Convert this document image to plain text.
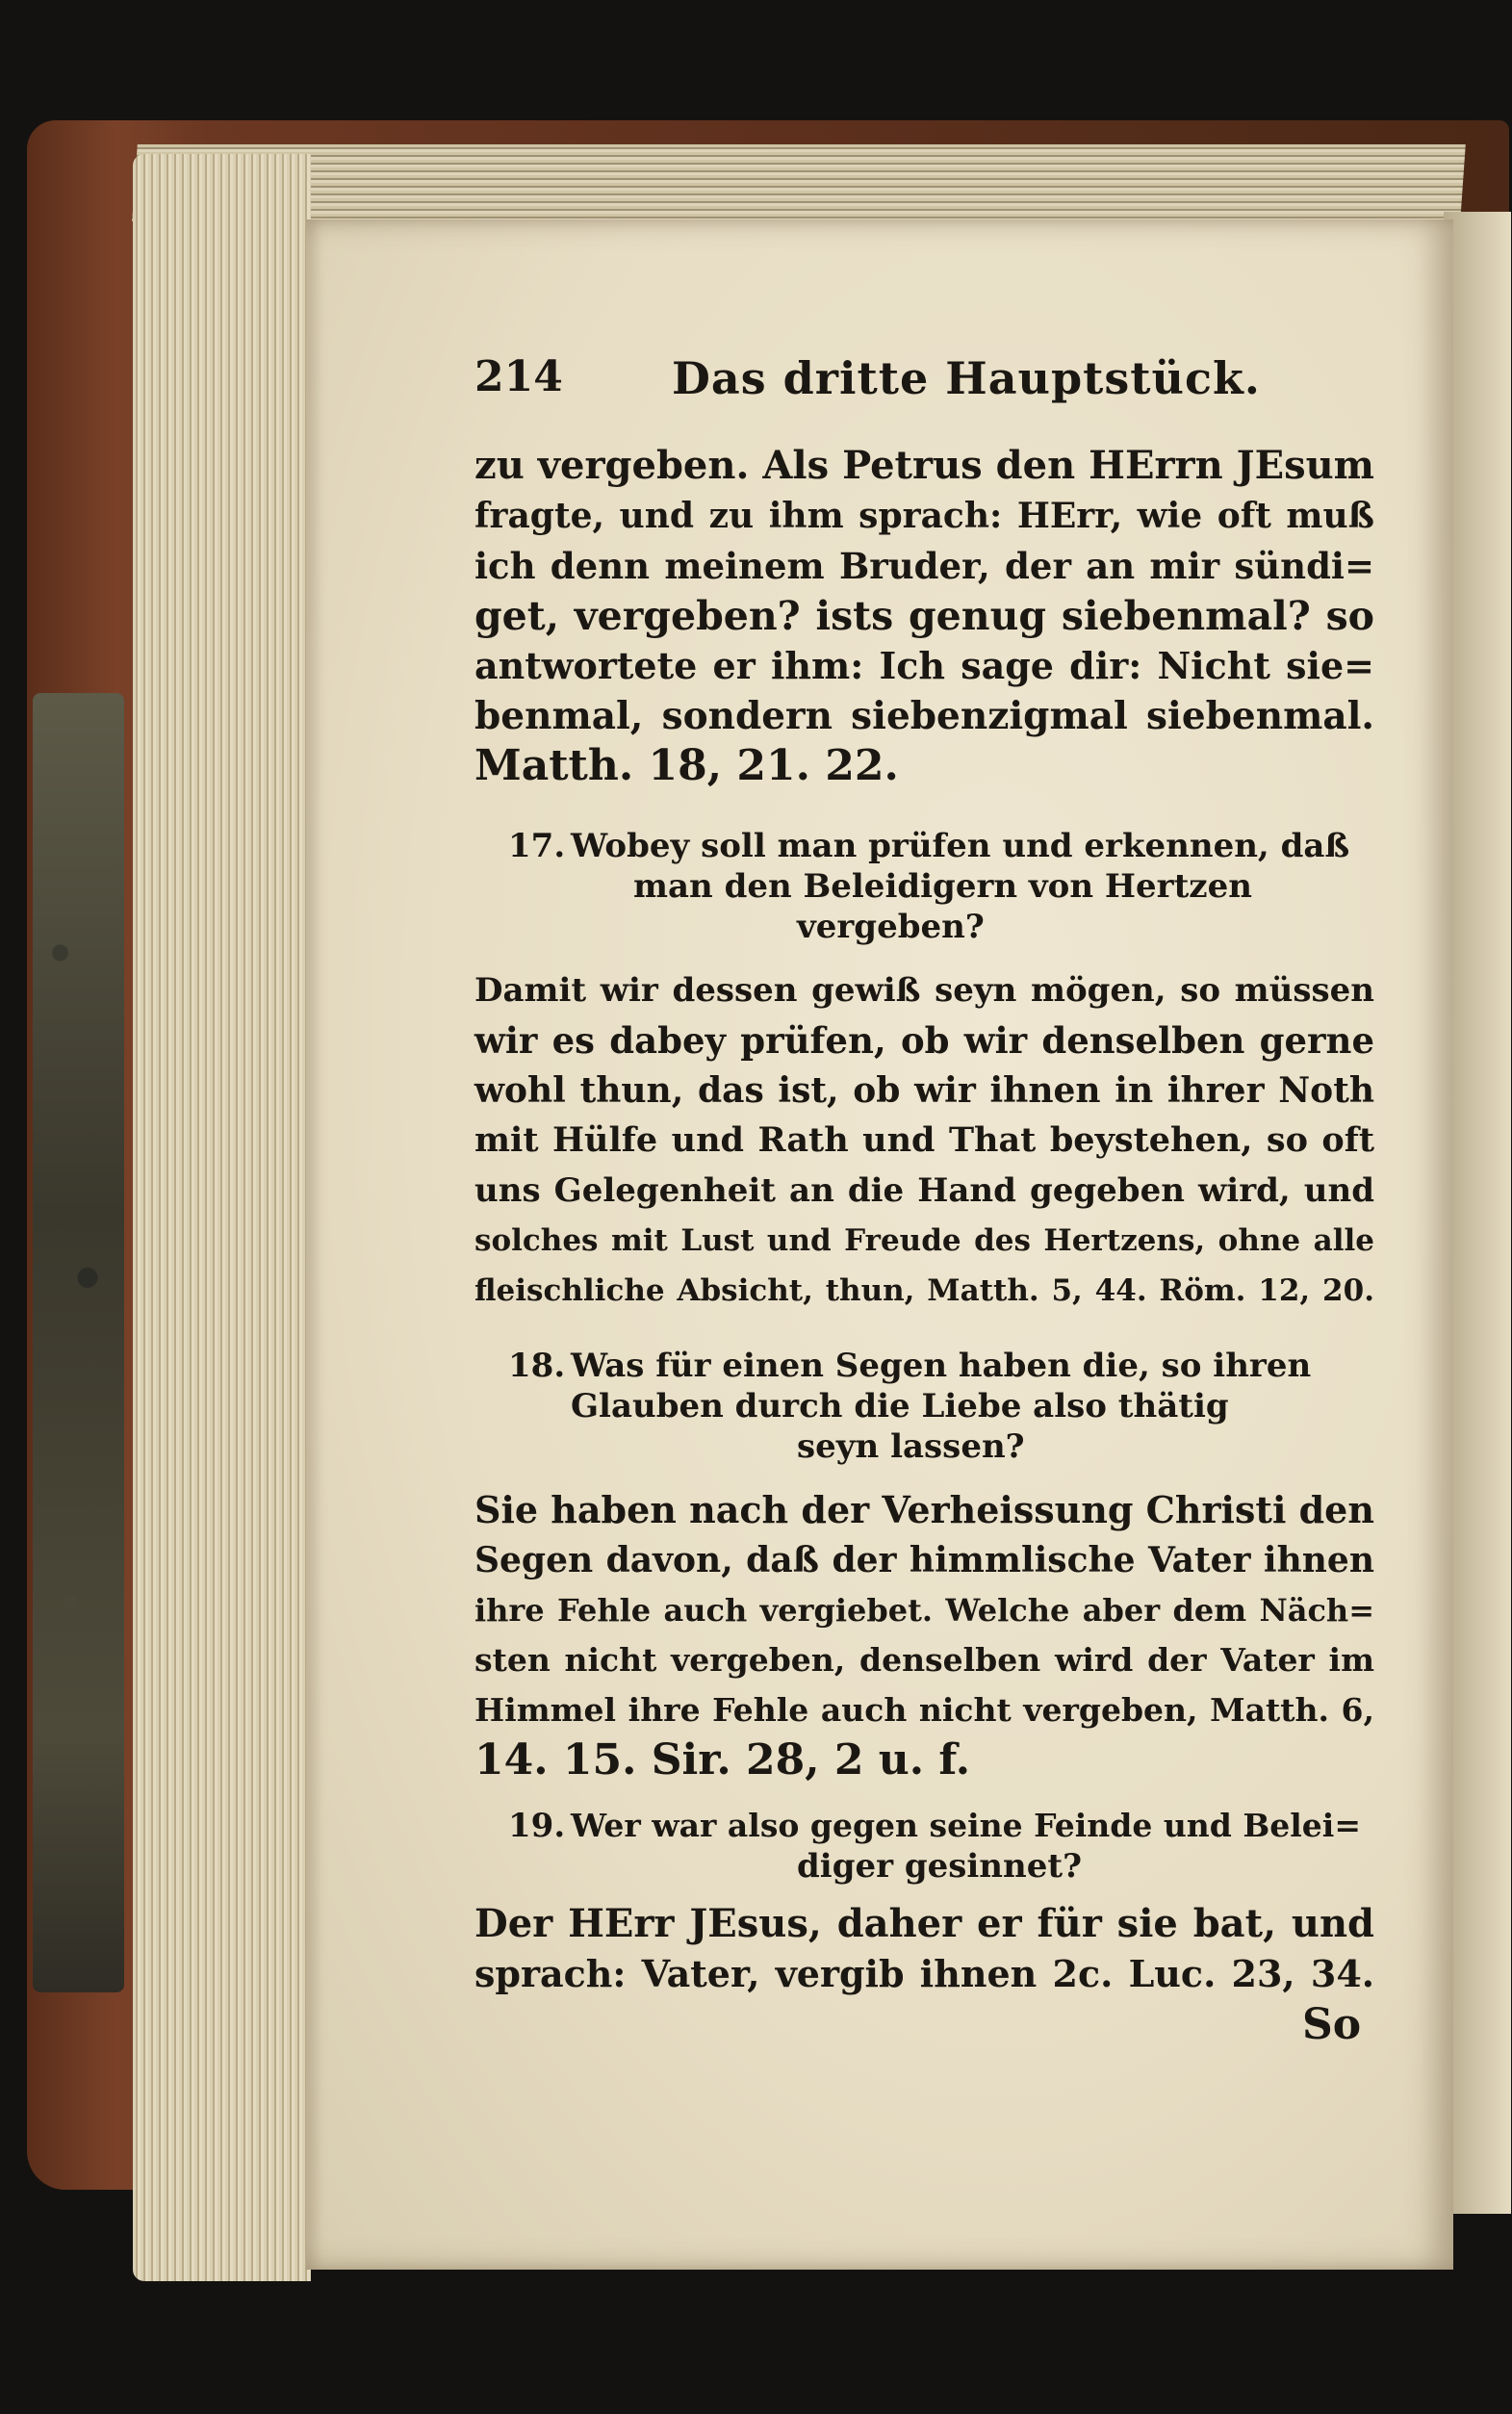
214 Das dritte Hauptstück.
zu vergeben. Als Petrus den HErrn JEsum
fragte, und zu ihm sprach: HErr, wie oft muß
ich denn meinem Bruder, der an mir sündi=
get, vergeben? ists genug siebenmal? so
antwortete er ihm: Ich sage dir: Nicht sie=
benmal, sondern siebenzigmal siebenmal.
Matth. 18, 21. 22.
17. Wobey soll man prüfen und erkennen, daß
man den Beleidigern von Hertzen
vergeben?
Damit wir dessen gewiß seyn mögen, so müssen
wir es dabey prüfen, ob wir denselben gerne
wohl thun, das ist, ob wir ihnen in ihrer Noth
mit Hülfe und Rath und That beystehen, so oft
uns Gelegenheit an die Hand gegeben wird, und
solches mit Lust und Freude des Hertzens, ohne alle
fleischliche Absicht, thun, Matth. 5, 44. Röm. 12, 20.
18. Was für einen Segen haben die, so ihren
Glauben durch die Liebe also thätig
seyn lassen?
Sie haben nach der Verheissung Christi den
Segen davon, daß der himmlische Vater ihnen
ihre Fehle auch vergiebet. Welche aber dem Näch=
sten nicht vergeben, denselben wird der Vater im
Himmel ihre Fehle auch nicht vergeben, Matth. 6,
14. 15. Sir. 28, 2 u. f.
19. Wer war also gegen seine Feinde und Belei=
diger gesinnet?
Der HErr JEsus, daher er für sie bat, und
sprach: Vater, vergib ihnen 2c. Luc. 23, 34.
So
